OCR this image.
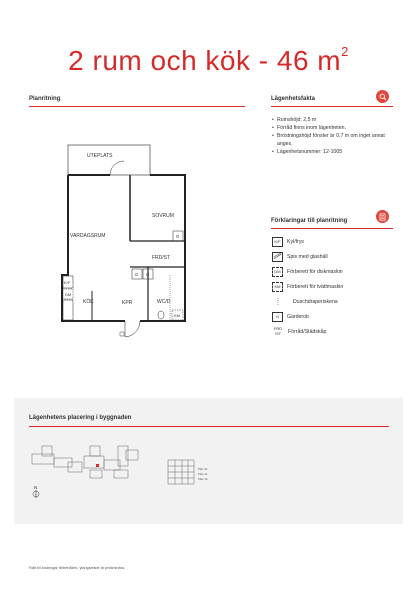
2 rum och kök - 46 $m^2$
Planritning	Lägenhetsfakta
• Rumshöjd: 2,5 m
• Förråd finns inom lägenheten.
• Bröstningshöjd fönster är 0,7 m om inget annat anges.
• Lägenhetsnummer: 12-1005
Förklaringar till planritning
K/F	Kyl/frys
Spis med glashäll
DM	Förberett för diskmaskin
KM	Förberett för tvättmaskin
Duschdraperiskena
G	Garderob
FRD /ST	Förråd/Städskåp
UTEPLATS
VARDAGSRUM
SOVRUM
FRD/ST
KÖK	KPR	WC/D
K/F
DM
KM
G
G G
Lägenhetens placering i byggnaden
Plan 12
Plan 11
Plan 10
N
Rätt till ändringar förbehålles, ytangivelser är preliminära.
